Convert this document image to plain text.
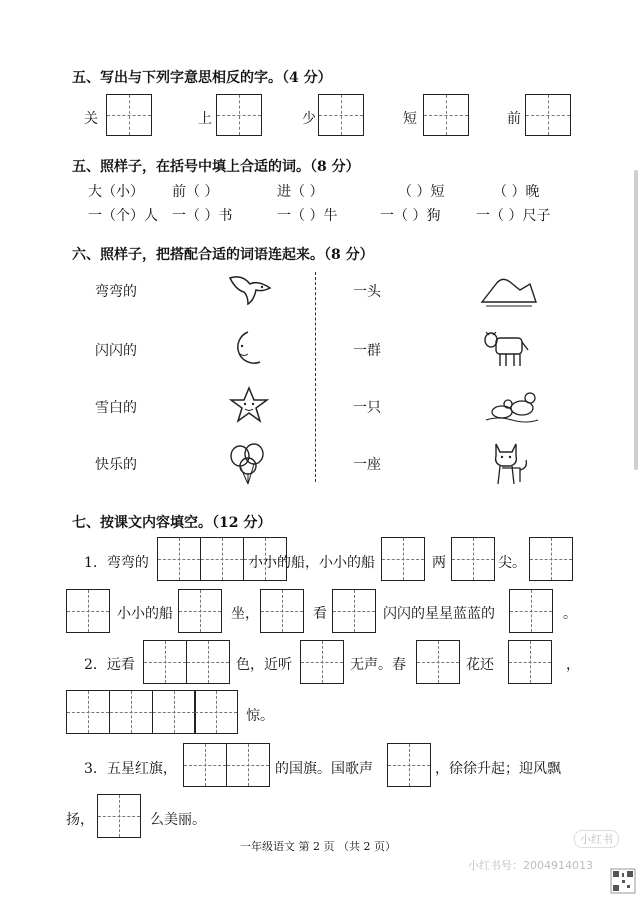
五、写出与下列字意思相反的字。（4 分）
关	上	少	短	前
五、照样子，在括号中填上合适的词。（8 分）
大（小） 前（ ）	进（ ）	（ ）短	（ ）晚
一（个）人 一（ ）书	一（ ）牛	一（ ）狗	一（ ）尺子
六、照样子，把搭配合适的词语连起来。（8 分）
弯弯的
闪闪的
雪白的
快乐的
一头
一群
一只
一座
七、按课文内容填空。（12 分）
1．弯弯的	小小的船，小小的船	两	尖。
小小的船	坐，	看	闪闪的星星蓝蓝的	。
2．远看	色，近听	无声。春	花还	，
惊。
3．五星红旗，	的国旗。国歌声	，徐徐升起；迎风飘
扬，	么美丽。
一年级语文 第 2 页 （共 2 页）
小红书
小红书号：2004914013
